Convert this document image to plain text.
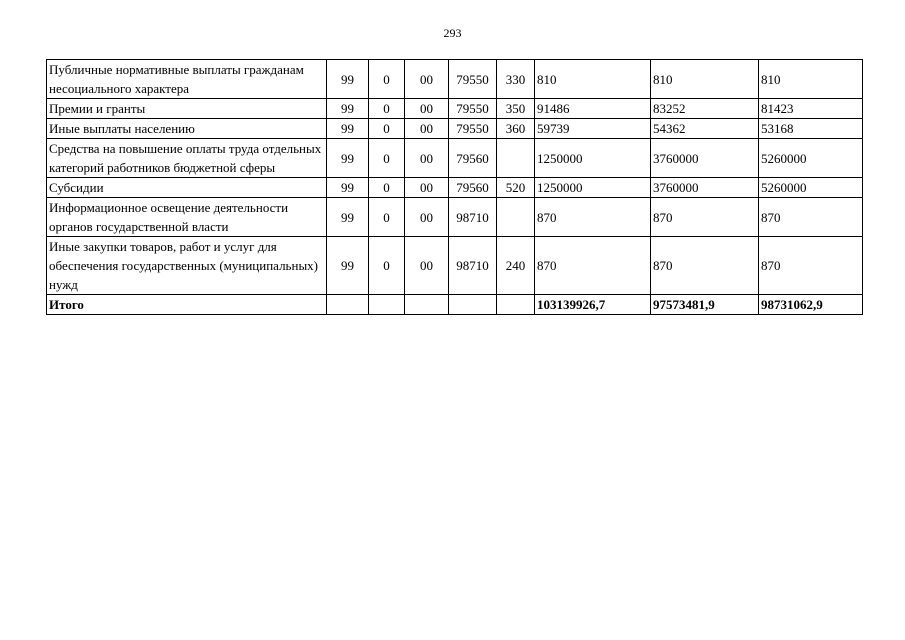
293
Публичные нормативные выплаты гражданам несоциального характера	99	0	00	79550	330	810	810	810
Премии и гранты	99	0	00	79550	350	91486	83252	81423
Иные выплаты населению	99	0	00	79550	360	59739	54362	53168
Средства на повышение оплаты труда отдельных категорий работников бюджетной сферы	99	0	00	79560		1250000	3760000	5260000
Субсидии	99	0	00	79560	520	1250000	3760000	5260000
Информационное освещение деятельности органов государственной власти	99	0	00	98710		870	870	870
Иные закупки товаров, работ и услуг для обеспечения государственных (муниципальных) нужд	99	0	00	98710	240	870	870	870
Итого						103139926,7	97573481,9	98731062,9
